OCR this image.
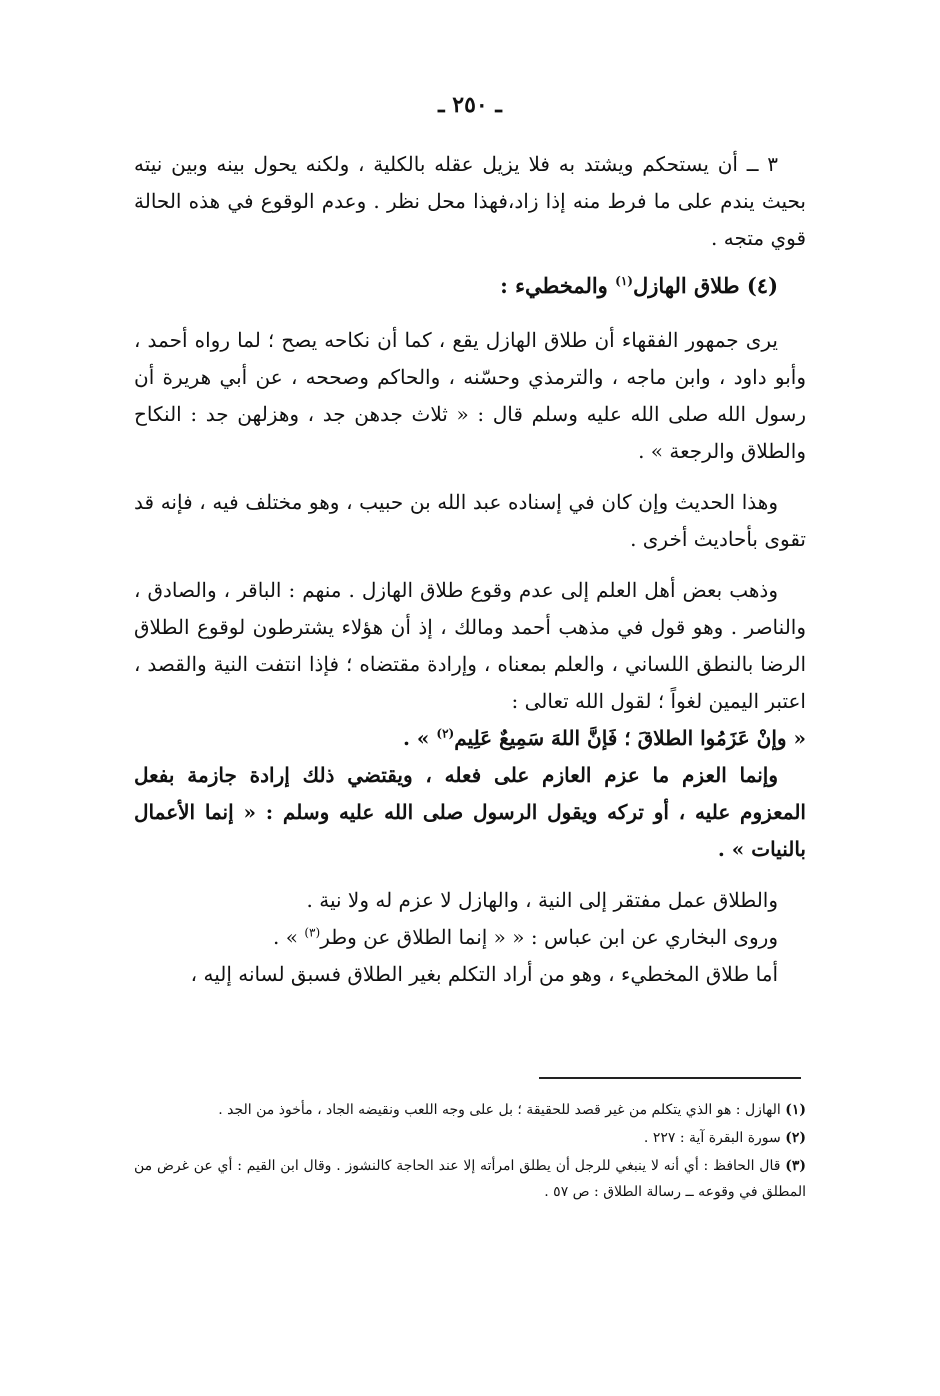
ـ ٢٥٠ ـ

٣ ــ أن يستحكم ويشتد به فلا يزيل عقله بالكلية ، ولكنه يحول بينه وبين نيته بحيث يندم على ما فرط منه إذا زاد،فهذا محل نظر . وعدم الوقوع في هذه الحالة قوي متجه .

(٤) طلاق الهازل$^{(١)}$ والمخطيء :

يرى جمهور الفقهاء أن طلاق الهازل يقع ، كما أن نكاحه يصح ؛ لما رواه أحمد ، وأبو داود ، وابن ماجه ، والترمذي وحسّنه ، والحاكم وصححه ، عن أبي هريرة أن رسول الله صلى الله عليه وسلم قال : « ثلاث جدهن جد ، وهزلهن جد : النكاح والطلاق والرجعة » .

وهذا الحديث وإن كان في إسناده عبد الله بن حبيب ، وهو مختلف فيه ، فإنه قد تقوى بأحاديث أخرى .

وذهب بعض أهل العلم إلى عدم وقوع طلاق الهازل . منهم : الباقر ، والصادق ، والناصر . وهو قول في مذهب أحمد ومالك ، إذ أن هؤلاء يشترطون لوقوع الطلاق الرضا بالنطق اللساني ، والعلم بمعناه ، وإرادة مقتضاه ؛ فإذا انتفت النية والقصد ، اعتبر اليمين لغواً ؛ لقول الله تعالى :

« وإنْ عَزَمُوا الطلاقَ ؛ فَإنَّ اللهَ سَمِيعٌ عَلِيم$^{(٢)}$ » .

وإنما العزم ما عزم العازم على فعله ، ويقتضي ذلك إرادة جازمة بفعل المعزوم عليه ، أو تركه ويقول الرسول صلى الله عليه وسلم : « إنما الأعمال بالنيات » .

والطلاق عمل مفتقر إلى النية ، والهازل لا عزم له ولا نية .

وروى البخاري عن ابن عباس : « « إنما الطلاق عن وطر$^{(٣)}$ » .

أما طلاق المخطيء ، وهو من أراد التكلم بغير الطلاق فسبق لسانه إليه ،

(١) الهازل : هو الذي يتكلم من غير قصد للحقيقة ؛ بل على وجه اللعب ونقيضه الجاد ، مأخوذ من الجد .

(٢) سورة البقرة آية : ٢٢٧ .

(٣) قال الحافظ : أي أنه لا ينبغي للرجل أن يطلق امرأته إلا عند الحاجة كالنشوز . وقال ابن القيم : أي عن غرض من المطلق في وقوعه ــ رسالة الطلاق : ص ٥٧ .
